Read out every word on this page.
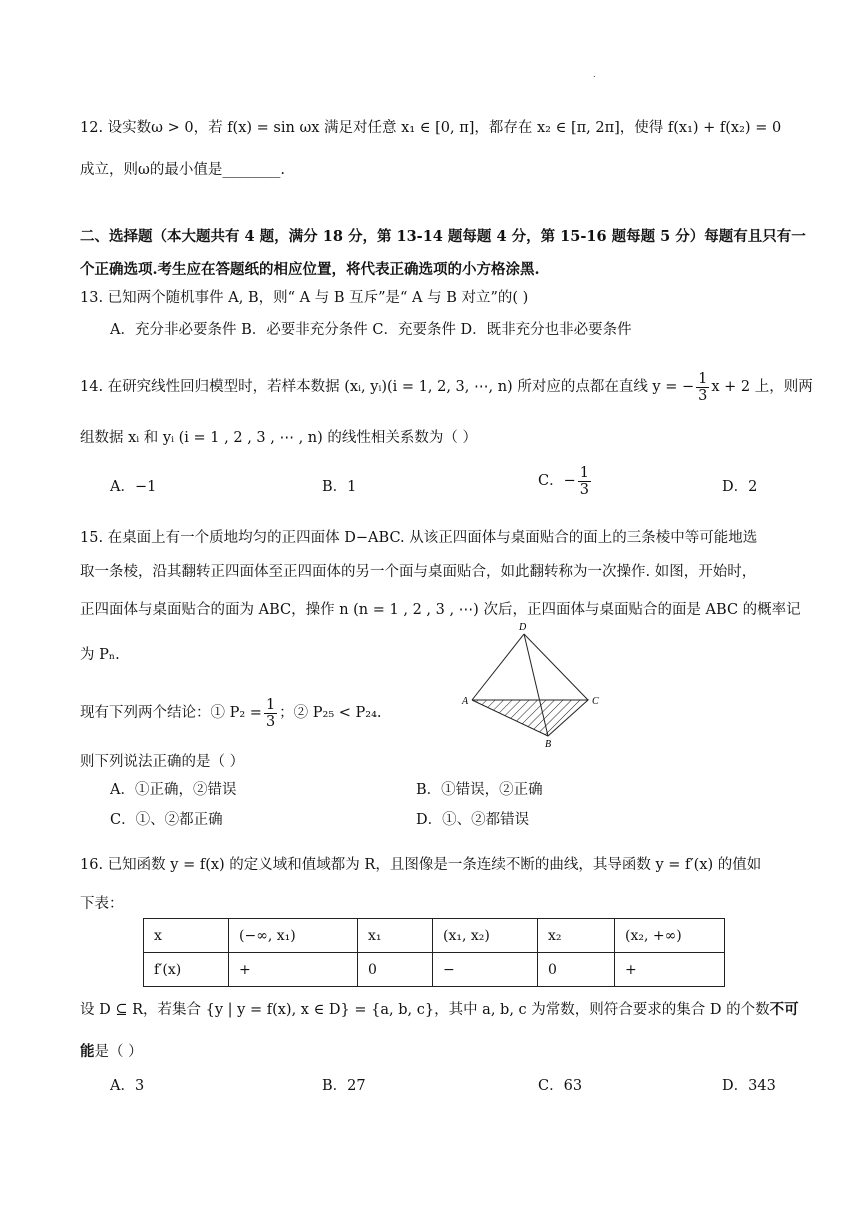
.
12. 设实数ω > 0，若 f(x) = sin ωx 满足对任意 x₁ ∈ [0, π]，都存在 x₂ ∈ [π, 2π]，使得 f(x₁) + f(x₂) = 0
成立，则ω的最小值是________.
二、选择题（本大题共有 4 题，满分 18 分，第 13-14 题每题 4 分，第 15-16 题每题 5 分）每题有且只有一
个正确选项.考生应在答题纸的相应位置，将代表正确选项的小方格涂黑.
13. 已知两个随机事件 A, B，则“ A 与 B 互斥”是“ A 与 B 对立”的( )
A．充分非必要条件 B．必要非充分条件 C．充要条件 D．既非充分也非必要条件
14. 在研究线性回归模型时，若样本数据 (xᵢ, yᵢ)(i = 1, 2, 3, ⋯, n) 所对应的点都在直线 y = − $\frac{1}{3}$ x + 2 上，则两
组数据 xᵢ 和 yᵢ (i = 1 , 2 , 3 , ⋯ , n) 的线性相关系数为（ ）
A．−1	B．1	C．− $\frac{1}{3}$	D．2
15. 在桌面上有一个质地均匀的正四面体 D−ABC. 从该正四面体与桌面贴合的面上的三条棱中等可能地选
取一条棱，沿其翻转正四面体至正四面体的另一个面与桌面贴合，如此翻转称为一次操作. 如图，开始时，
正四面体与桌面贴合的面为 ABC，操作 n (n = 1 , 2 , 3 , ⋯) 次后，正四面体与桌面贴合的面是 ABC 的概率记
为 Pₙ.
D
A	C
B
现有下列两个结论：① $P_2 = \frac{1}{3}$ ；② P₂₅ < P₂₄.
则下列说法正确的是（ ）
A．①正确，②错误	B．①错误，②正确
C．①、②都正确	D．①、②都错误
16. 已知函数 y = f(x) 的定义域和值域都为 R，且图像是一条连续不断的曲线，其导函数 y = f′(x) 的值如
下表：
x	(−∞, x₁)	x₁	(x₁, x₂)	x₂	(x₂, +∞)
f′(x)	+	0	−	0	+
设 D ⊆ R，若集合 {y | y = f(x), x ∈ D} = {a, b, c}，其中 a, b, c 为常数，则符合要求的集合 D 的个数不可
能是（ ）
A．3	B．27	C．63	D．343
